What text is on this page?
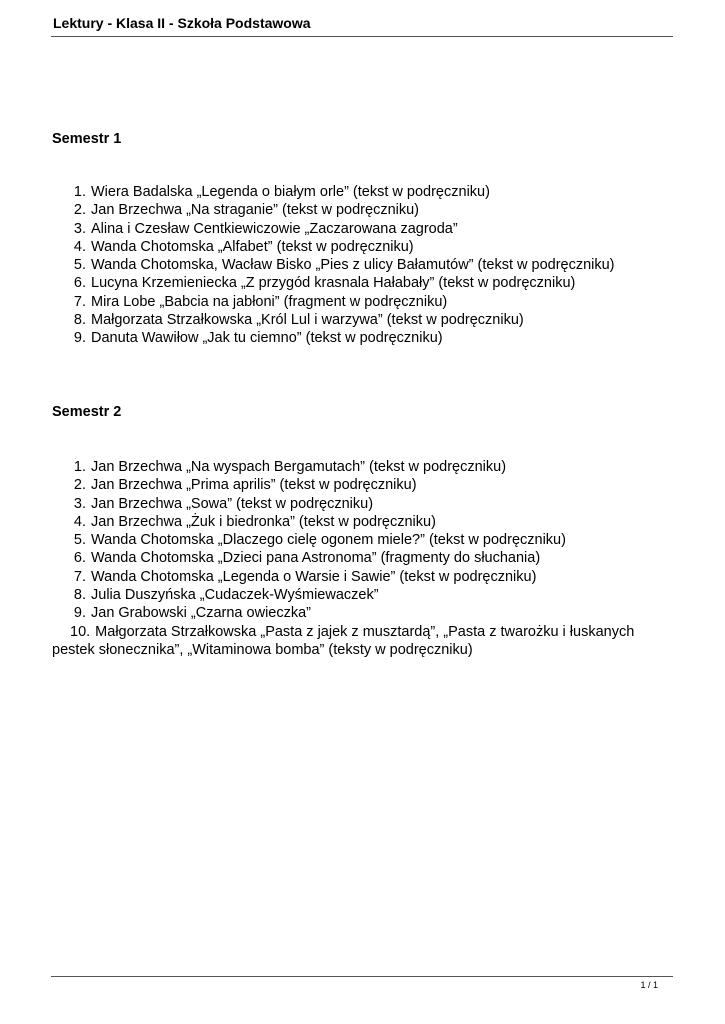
Lektury - Klasa II - Szkoła Podstawowa
Semestr 1
1. Wiera Badalska „Legenda o białym orle” (tekst w podręczniku)
2. Jan Brzechwa „Na straganie” (tekst w podręczniku)
3. Alina i Czesław Centkiewiczowie „Zaczarowana zagroda”
4. Wanda Chotomska „Alfabet” (tekst w podręczniku)
5. Wanda Chotomska, Wacław Bisko „Pies z ulicy Bałamutów” (tekst w podręczniku)
6. Lucyna Krzemieniecka „Z przygód krasnala Hałabały” (tekst w podręczniku)
7. Mira Lobe „Babcia na jabłoni” (fragment w podręczniku)
8. Małgorzata Strzałkowska „Król Lul i warzywa” (tekst w podręczniku)
9. Danuta Wawiłow „Jak tu ciemno” (tekst w podręczniku)
Semestr 2
1. Jan Brzechwa „Na wyspach Bergamutach” (tekst w podręczniku)
2. Jan Brzechwa „Prima aprilis” (tekst w podręczniku)
3. Jan Brzechwa „Sowa” (tekst w podręczniku)
4. Jan Brzechwa „Żuk i biedronka” (tekst w podręczniku)
5. Wanda Chotomska „Dlaczego cielę ogonem miele?” (tekst w podręczniku)
6. Wanda Chotomska „Dzieci pana Astronoma” (fragmenty do słuchania)
7. Wanda Chotomska „Legenda o Warsie i Sawie” (tekst w podręczniku)
8. Julia Duszyńska „Cudaczek-Wyśmiewaczek”
9. Jan Grabowski „Czarna owieczka”
10. Małgorzata Strzałkowska „Pasta z jajek z musztardą”, „Pasta z twarożku i łuskanych pestek słonecznika”, „Witaminowa bomba” (teksty w podręczniku)
1 / 1
